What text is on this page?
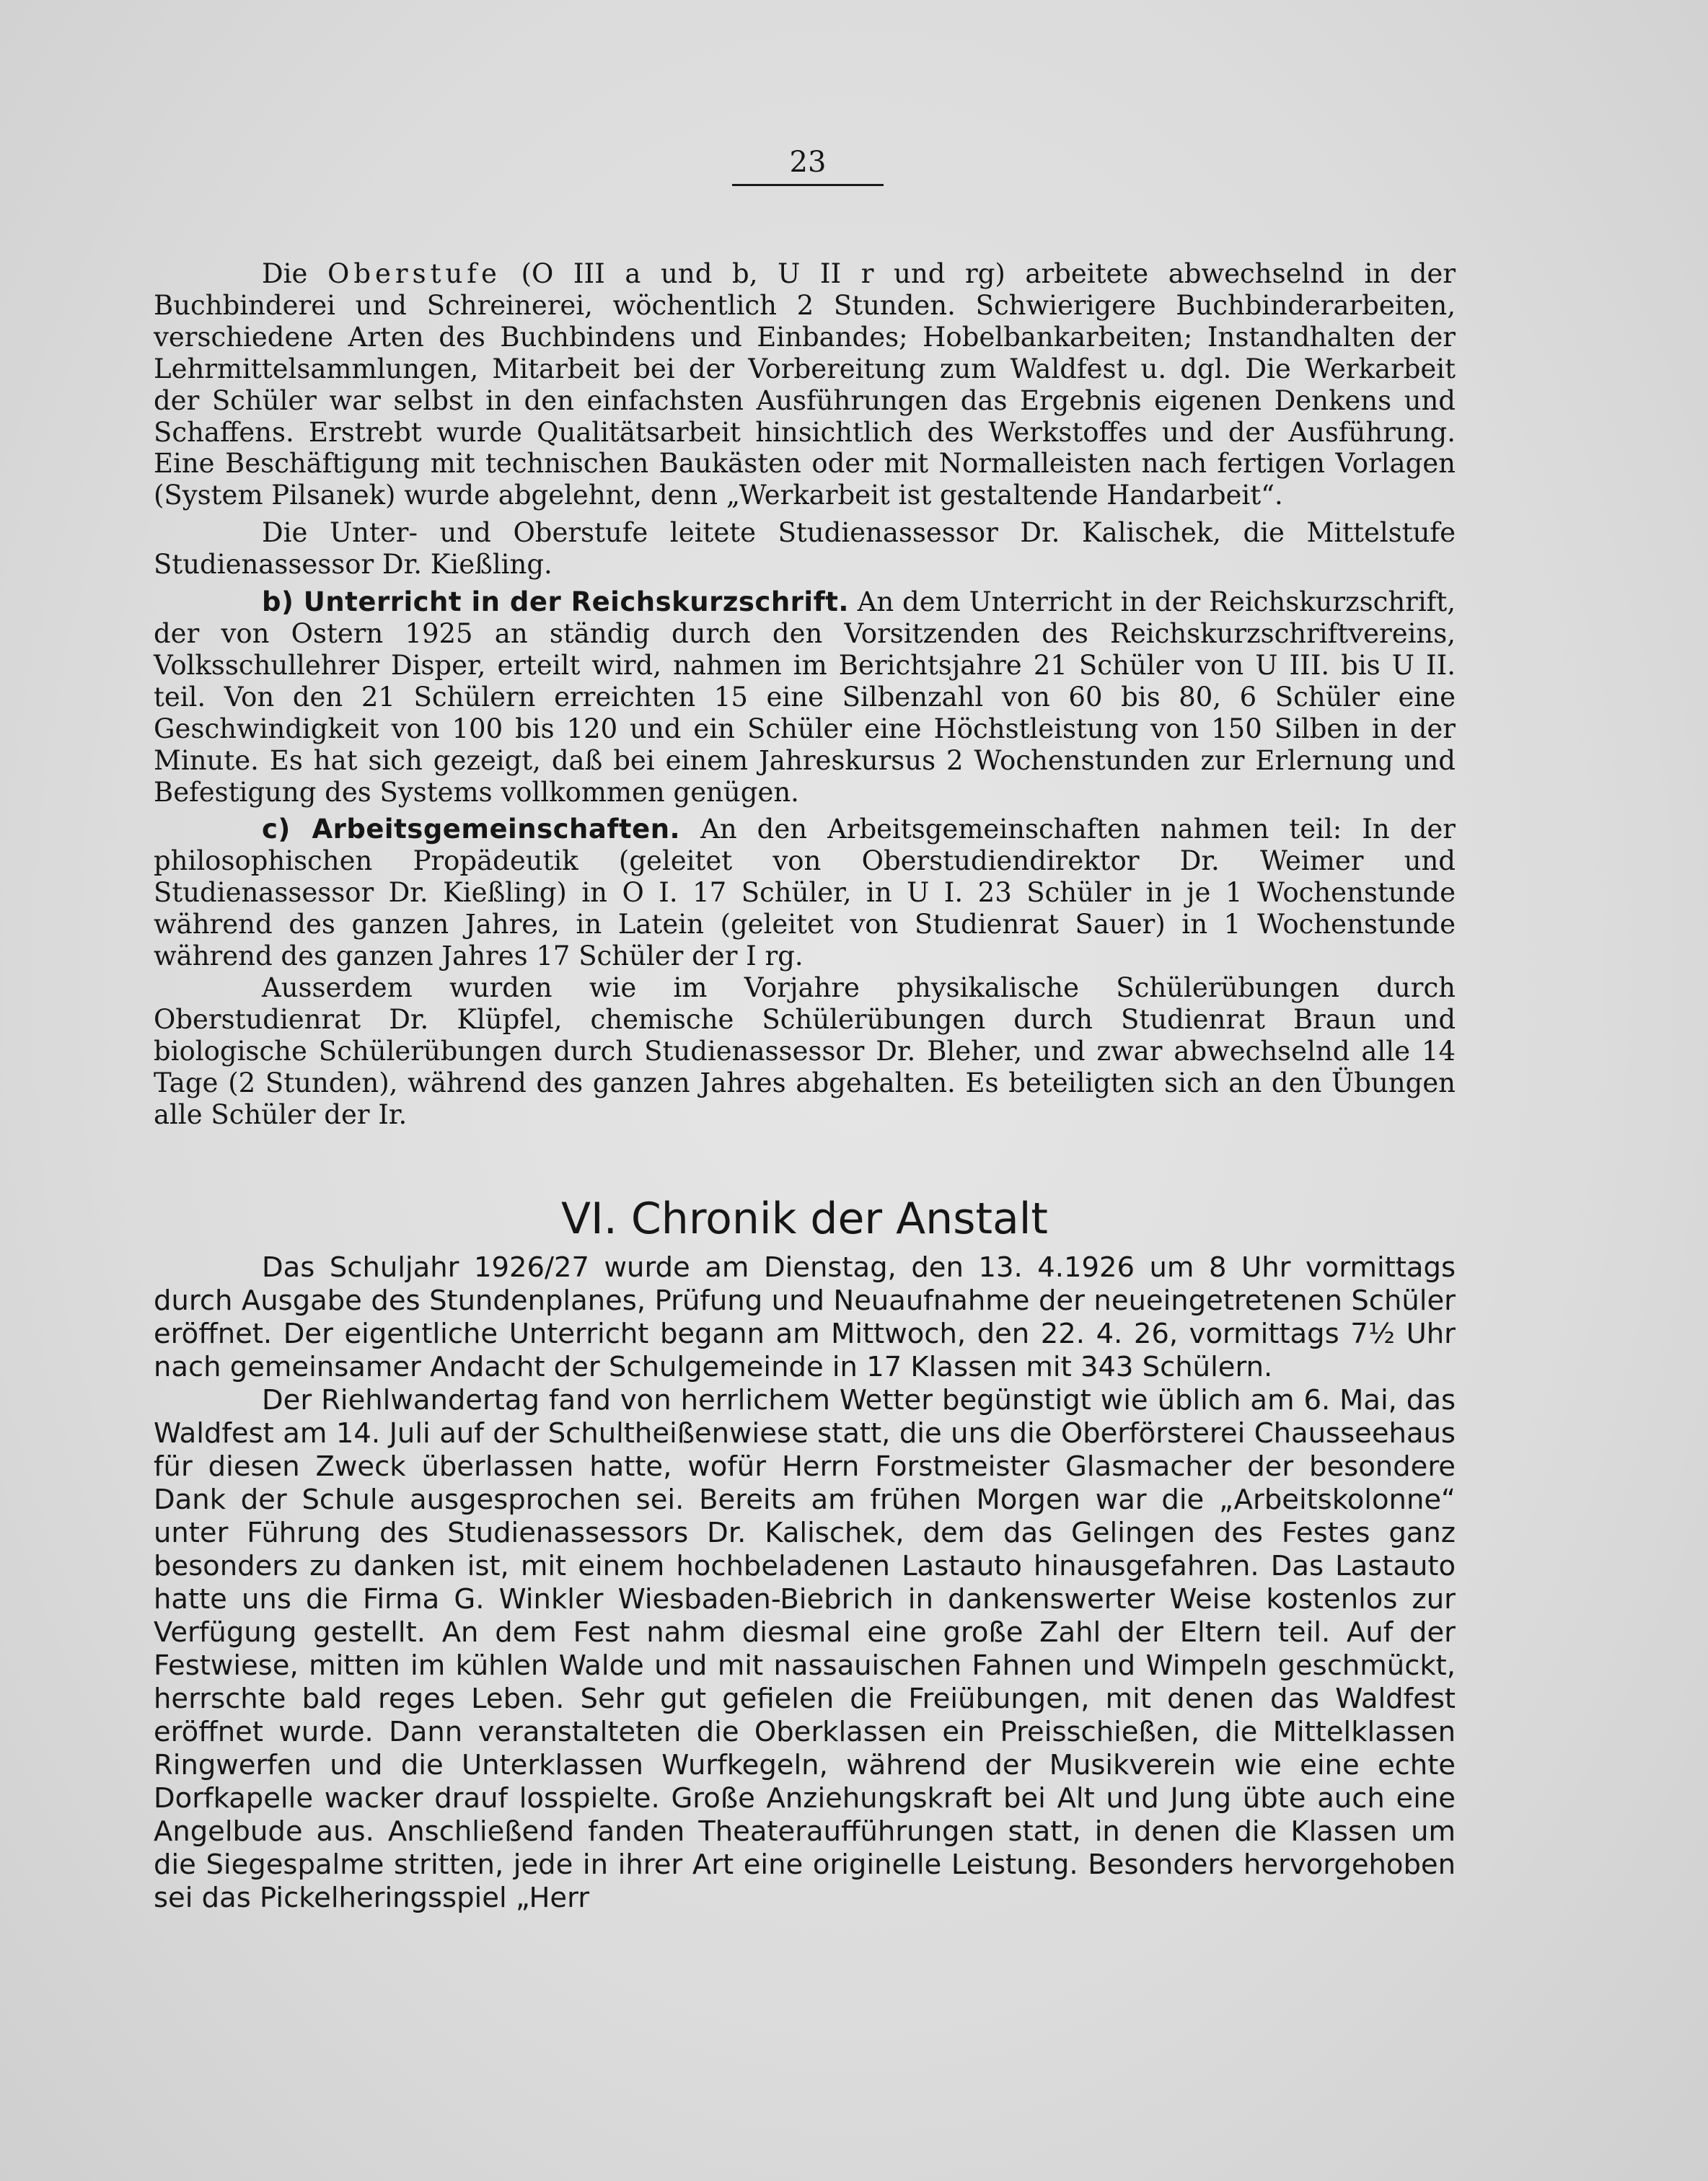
23

Die Oberstufe (O III a und b, U II r und rg) arbeitete abwechselnd in der Buchbinderei und Schreinerei, wöchentlich 2 Stunden. Schwierigere Buchbinderarbeiten, verschiedene Arten des Buchbindens und Einbandes; Hobelbankarbeiten; Instandhalten der Lehrmittelsammlungen, Mitarbeit bei der Vorbereitung zum Waldfest u. dgl. Die Werkarbeit der Schüler war selbst in den einfachsten Ausführungen das Ergebnis eigenen Denkens und Schaffens. Erstrebt wurde Qualitätsarbeit hinsichtlich des Werkstoffes und der Ausführung. Eine Beschäftigung mit technischen Baukästen oder mit Normalleisten nach fertigen Vorlagen (System Pilsanek) wurde abgelehnt, denn „Werkarbeit ist gestaltende Handarbeit“.

Die Unter- und Oberstufe leitete Studienassessor Dr. Kalischek, die Mittelstufe Studienassessor Dr. Kießling.

b) Unterricht in der Reichskurzschrift. An dem Unterricht in der Reichskurzschrift, der von Ostern 1925 an ständig durch den Vorsitzenden des Reichskurzschriftvereins, Volksschullehrer Disper, erteilt wird, nahmen im Berichtsjahre 21 Schüler von U III. bis U II. teil. Von den 21 Schülern erreichten 15 eine Silbenzahl von 60 bis 80, 6 Schüler eine Geschwindigkeit von 100 bis 120 und ein Schüler eine Höchstleistung von 150 Silben in der Minute. Es hat sich gezeigt, daß bei einem Jahreskursus 2 Wochenstunden zur Erlernung und Befestigung des Systems vollkommen genügen.

c) Arbeitsgemeinschaften. An den Arbeitsgemeinschaften nahmen teil: In der philosophischen Propädeutik (geleitet von Oberstudiendirektor Dr. Weimer und Studienassessor Dr. Kießling) in O I. 17 Schüler, in U I. 23 Schüler in je 1 Wochenstunde während des ganzen Jahres, in Latein (geleitet von Studienrat Sauer) in 1 Wochenstunde während des ganzen Jahres 17 Schüler der I rg.

Ausserdem wurden wie im Vorjahre physikalische Schülerübungen durch Oberstudienrat Dr. Klüpfel, chemische Schülerübungen durch Studienrat Braun und biologische Schülerübungen durch Studienassessor Dr. Bleher, und zwar abwechselnd alle 14 Tage (2 Stunden), während des ganzen Jahres abgehalten. Es beteiligten sich an den Übungen alle Schüler der Ir.

VI. Chronik der Anstalt

Das Schuljahr 1926/27 wurde am Dienstag, den 13. 4.1926 um 8 Uhr vormittags durch Ausgabe des Stundenplanes, Prüfung und Neuaufnahme der neueingetretenen Schüler eröffnet. Der eigentliche Unterricht begann am Mittwoch, den 22. 4. 26, vormittags 7½ Uhr nach gemeinsamer Andacht der Schulgemeinde in 17 Klassen mit 343 Schülern.

Der Riehlwandertag fand von herrlichem Wetter begünstigt wie üblich am 6. Mai, das Waldfest am 14. Juli auf der Schultheißenwiese statt, die uns die Oberförsterei Chausseehaus für diesen Zweck überlassen hatte, wofür Herrn Forstmeister Glasmacher der besondere Dank der Schule ausgesprochen sei. Bereits am frühen Morgen war die „Arbeitskolonne“ unter Führung des Studienassessors Dr. Kalischek, dem das Gelingen des Festes ganz besonders zu danken ist, mit einem hochbeladenen Lastauto hinausgefahren. Das Lastauto hatte uns die Firma G. Winkler Wiesbaden-Biebrich in dankenswerter Weise kostenlos zur Verfügung gestellt. An dem Fest nahm diesmal eine große Zahl der Eltern teil. Auf der Festwiese, mitten im kühlen Walde und mit nassauischen Fahnen und Wimpeln geschmückt, herrschte bald reges Leben. Sehr gut gefielen die Freiübungen, mit denen das Waldfest eröffnet wurde. Dann veranstalteten die Oberklassen ein Preisschießen, die Mittelklassen Ringwerfen und die Unterklassen Wurfkegeln, während der Musikverein wie eine echte Dorfkapelle wacker drauf losspielte. Große Anziehungskraft bei Alt und Jung übte auch eine Angelbude aus. Anschließend fanden Theateraufführungen statt, in denen die Klassen um die Siegespalme stritten, jede in ihrer Art eine originelle Leistung. Besonders hervorgehoben sei das Pickelheringsspiel „Herr
